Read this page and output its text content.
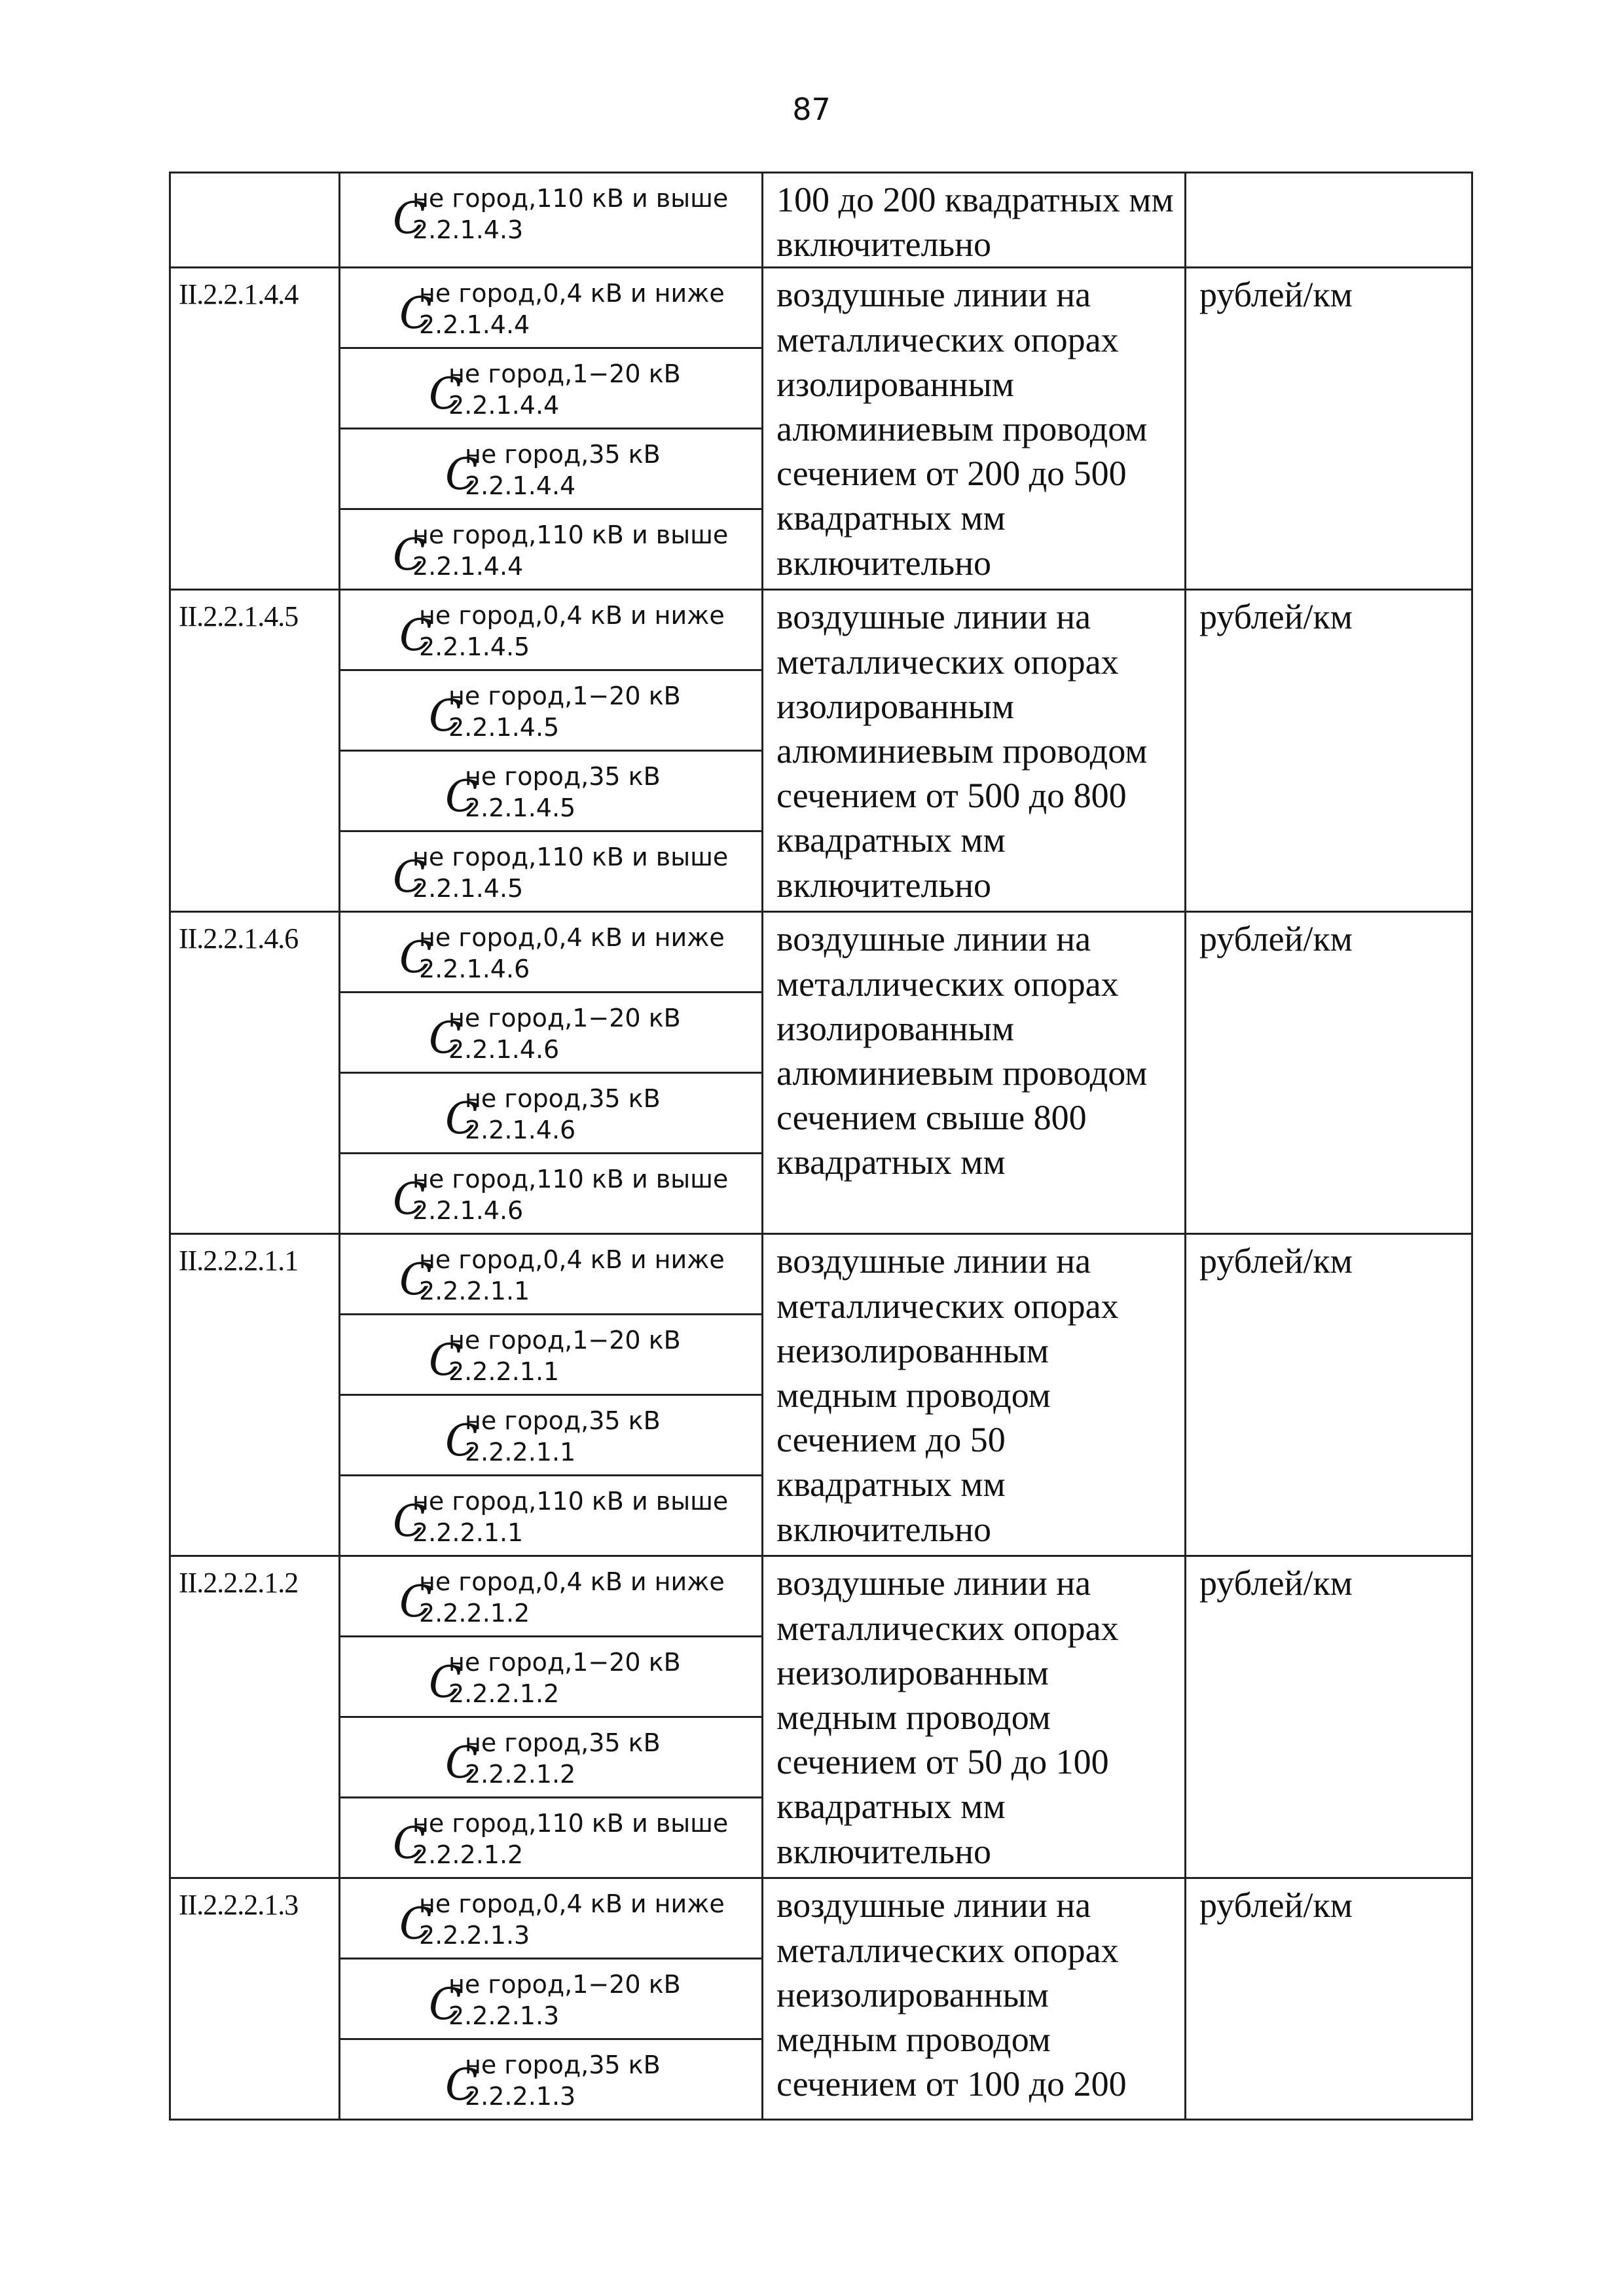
87

	C
не город,110 кВ и выше
2.2.1.4.3	100 до 200 квадратных мм включительно	
II.2.2.1.4.4	C
не город,0,4 кВ и ниже
2.2.1.4.4	воздушные линии на металлических опорах изолированным алюминиевым проводом сечением от 200 до 500 квадратных мм включительно	рублей/км

	C
не город,1−20 кВ
2.2.1.4.4		

	C
не город,35 кВ
2.2.1.4.4		

	C
не город,110 кВ и выше
2.2.1.4.4		

II.2.2.1.4.5	C
не город,0,4 кВ и ниже
2.2.1.4.5	воздушные линии на металлических опорах изолированным алюминиевым проводом сечением от 500 до 800 квадратных мм включительно	рублей/км

	C
не город,1−20 кВ
2.2.1.4.5		

	C
не город,35 кВ
2.2.1.4.5		

	C
не город,110 кВ и выше
2.2.1.4.5		

II.2.2.1.4.6	C
не город,0,4 кВ и ниже
2.2.1.4.6	воздушные линии на металлических опорах изолированным алюминиевым проводом сечением свыше 800 квадратных мм	рублей/км

	C
не город,1−20 кВ
2.2.1.4.6		

	C
не город,35 кВ
2.2.1.4.6		

	C
не город,110 кВ и выше
2.2.1.4.6		

II.2.2.2.1.1	C
не город,0,4 кВ и ниже
2.2.2.1.1	воздушные линии на металлических опорах неизолированным медным проводом сечением до 50 квадратных мм включительно	рублей/км

	C
не город,1−20 кВ
2.2.2.1.1		

	C
не город,35 кВ
2.2.2.1.1		

	C
не город,110 кВ и выше
2.2.2.1.1		

II.2.2.2.1.2	C
не город,0,4 кВ и ниже
2.2.2.1.2	воздушные линии на металлических опорах неизолированным медным проводом сечением от 50 до 100 квадратных мм включительно	рублей/км

	C
не город,1−20 кВ
2.2.2.1.2		

	C
не город,35 кВ
2.2.2.1.2		

	C
не город,110 кВ и выше
2.2.2.1.2		

II.2.2.2.1.3	C
не город,0,4 кВ и ниже
2.2.2.1.3	воздушные линии на металлических опорах неизолированным медным проводом сечением от 100 до 200	рублей/км

	C
не город,1−20 кВ
2.2.2.1.3		

	C
не город,35 кВ
2.2.2.1.3		
